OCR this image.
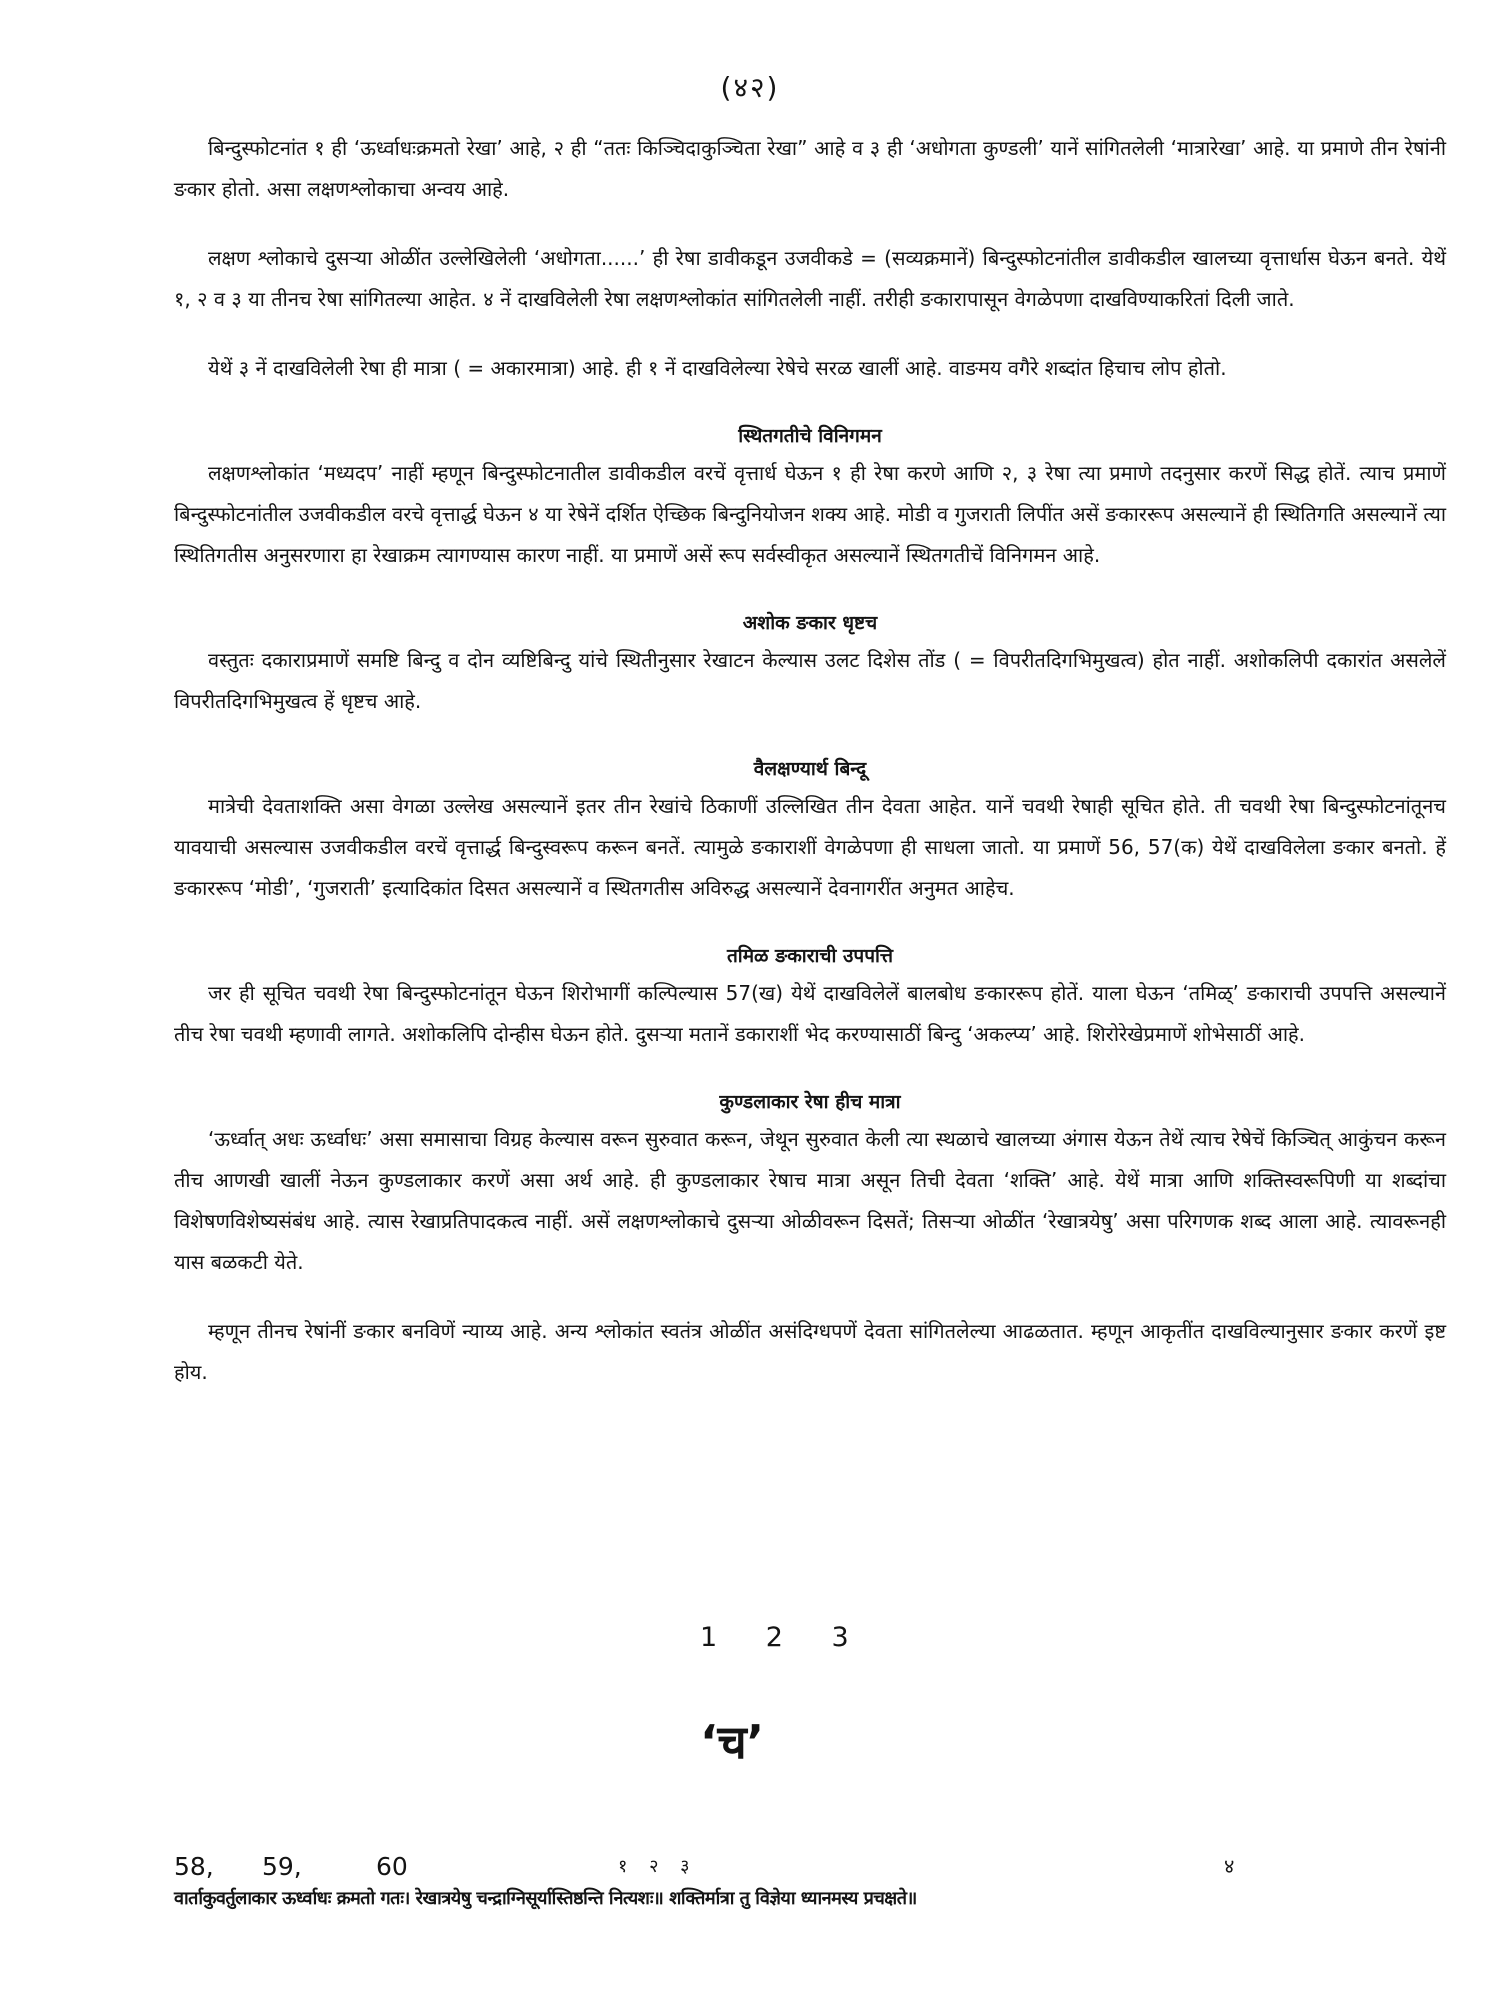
(४२)

बिन्दुस्फोटनांत १ ही ‘ऊर्ध्वाधःक्रमतो रेखा’ आहे, २ ही “ततः किञ्चिदाकुञ्चिता रेखा” आहे व ३ ही ‘अधोगता कुण्डली’ यानें सांगितलेली ‘मात्रारेखा’ आहे. या प्रमाणे तीन रेषांनी ङकार होतो. असा लक्षणश्लोकाचा अन्वय आहे.

लक्षण श्लोकाचे दुसऱ्या ओळींत उल्लेखिलेली ‘अधोगता......’ ही रेषा डावीकडून उजवीकडे = (सव्यक्रमानें) बिन्दुस्फोटनांतील डावीकडील खालच्या वृत्तार्धास घेऊन बनते. येथें १, २ व ३ या तीनच रेषा सांगितल्या आहेत. ४ नें दाखविलेली रेषा लक्षणश्लोकांत सांगितलेली नाहीं. तरीही ङकारापासून वेगळेपणा दाखविण्याकरितां दिली जाते.

येथें ३ नें दाखविलेली रेषा ही मात्रा ( = अकारमात्रा) आहे. ही १ नें दाखविलेल्या रेषेचे सरळ खालीं आहे. वाङमय वगैरे शब्दांत हिचाच लोप होतो.

स्थितगतीचे विनिगमन

लक्षणश्लोकांत ‘मध्यदप’ नाहीं म्हणून बिन्दुस्फोटनातील डावीकडील वरचें वृत्तार्ध घेऊन १ ही रेषा करणे आणि २, ३ रेषा त्या प्रमाणे तदनुसार करणें सिद्ध होतें. त्याच प्रमाणें बिन्दुस्फोटनांतील उजवीकडील वरचे वृत्तार्द्ध घेऊन ४ या रेषेनें दर्शित ऐच्छिक बिन्दुनियोजन शक्य आहे. मोडी व गुजराती लिपींत असें ङकाररूप असल्यानें ही स्थितिगति असल्यानें त्या स्थितिगतीस अनुसरणारा हा रेखाक्रम त्यागण्यास कारण नाहीं. या प्रमाणें असें रूप सर्वस्वीकृत असल्यानें स्थितगतीचें विनिगमन आहे.

अशोक ङकार धृष्टच

वस्तुतः दकाराप्रमाणें समष्टि बिन्दु व दोन व्यष्टिबिन्दु यांचे स्थितीनुसार रेखाटन केल्यास उलट दिशेस तोंड ( = विपरीतदिगभिमुखत्व) होत नाहीं. अशोकलिपी दकारांत असलेलें विपरीतदिगभिमुखत्व हें धृष्टच आहे.

वैलक्षण्यार्थ बिन्दू

मात्रेची देवताशक्ति असा वेगळा उल्लेख असल्यानें इतर तीन रेखांचे ठिकाणीं उल्लिखित तीन देवता आहेत. यानें चवथी रेषाही सूचित होते. ती चवथी रेषा बिन्दुस्फोटनांतूनच यावयाची असल्यास उजवीकडील वरचें वृत्तार्द्ध बिन्दुस्वरूप करून बनतें. त्यामुळे ङकाराशीं वेगळेपणा ही साधला जातो. या प्रमाणें 56, 57(क) येथें दाखविलेला ङकार बनतो. हें ङकाररूप ‘मोडी’, ‘गुजराती’ इत्यादिकांत दिसत असल्यानें व स्थितगतीस अविरुद्ध असल्यानें देवनागरींत अनुमत आहेच.

तमिळ ङकाराची उपपत्ति

जर ही सूचित चवथी रेषा बिन्दुस्फोटनांतून घेऊन शिरोभागीं कल्पिल्यास 57(ख) येथें दाखविलेलें बालबोध ङकाररूप होतें. याला घेऊन ‘तमिळ्’ ङकाराची उपपत्ति असल्यानें तीच रेषा चवथी म्हणावी लागते. अशोकलिपि दोन्हीस घेऊन होते. दुसऱ्या मतानें डकाराशीं भेद करण्यासाठीं बिन्दु ‘अकल्प्य’ आहे. शिरोरेखेप्रमाणें शोभेसाठीं आहे.

कुण्डलाकार रेषा हीच मात्रा

‘ऊर्ध्वात् अधः ऊर्ध्वाधः’ असा समासाचा विग्रह केल्यास वरून सुरुवात करून, जेथून सुरुवात केली त्या स्थळाचे खालच्या अंगास येऊन तेथें त्याच रेषेचें किञ्चित् आकुंचन करून तीच आणखी खालीं नेऊन कुण्डलाकार करणें असा अर्थ आहे. ही कुण्डलाकार रेषाच मात्रा असून तिची देवता ‘शक्ति’ आहे. येथें मात्रा आणि शक्तिस्वरूपिणी या शब्दांचा विशेषणविशेष्यसंबंध आहे. त्यास रेखाप्रतिपादकत्व नाहीं. असें लक्षणश्लोकाचे दुसऱ्या ओळीवरून दिसतें; तिसऱ्या ओळींत ‘रेखात्रयेषु’ असा परिगणक शब्द आला आहे. त्यावरूनही यास बळकटी येते.

म्हणून तीनच रेषांनीं ङकार बनविणें न्याय्य आहे. अन्य श्लोकांत स्वतंत्र ओळींत असंदिग्धपणें देवता सांगितलेल्या आढळतात. म्हणून आकृतींत दाखविल्यानुसार ङकार करणें इष्ट होय.

1 2 3
‘च’
58, 59,	60	१ २ ३	४
वार्ताकुवर्तुलाकार ऊर्ध्वाधः क्रमतो गतः। रेखात्रयेषु चन्द्राग्निसूर्यास्तिष्ठन्ति नित्यशः॥ शक्तिर्मात्रा तु विज्ञेया ध्यानमस्य प्रचक्षते॥
